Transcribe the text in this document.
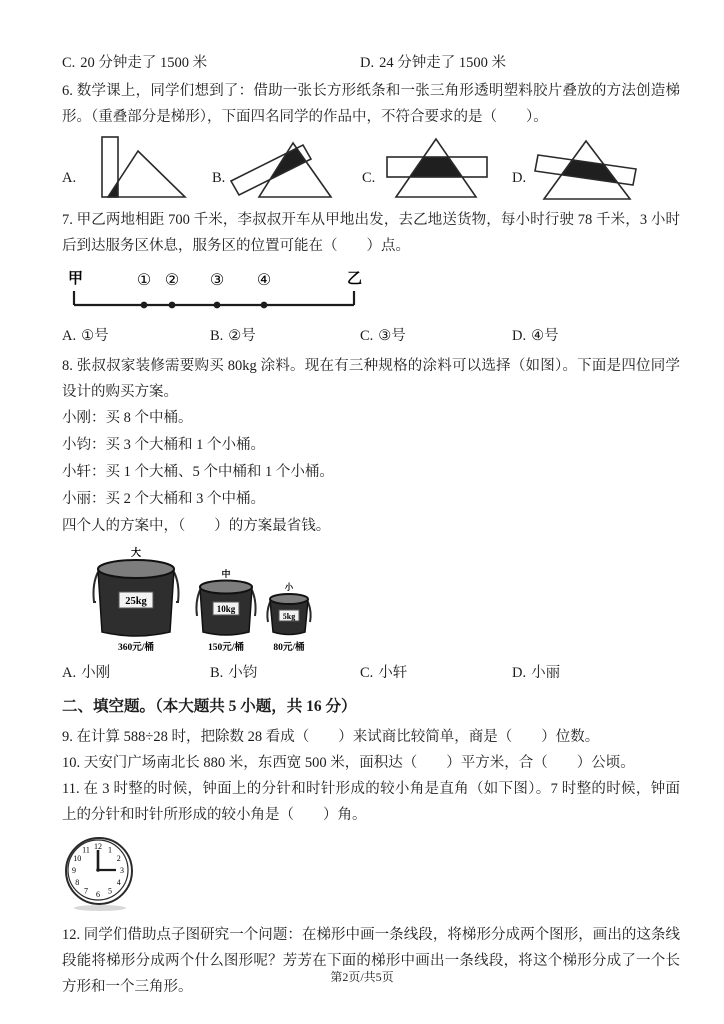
C. 20 分钟走了 1500 米	D. 24 分钟走了 1500 米

6. 数学课上，同学们想到了：借助一张长方形纸条和一张三角形透明塑料胶片叠放的方法创造梯形。（重叠部分是梯形），下面四名同学的作品中，不符合要求的是（　　）。

A.	B.	C.	D.

7. 甲乙两地相距 700 千米，李叔叔开车从甲地出发，去乙地送货物，每小时行驶 78 千米，3 小时后到达服务区休息，服务区的位置可能在（　　）点。

甲	乙
① ② ③ ④
A. ①号	B. ②号	C. ③号	D. ④号

8. 张叔叔家装修需要购买 80kg 涂料。现在有三种规格的涂料可以选择（如图）。下面是四位同学设计的购买方案。

小刚：买 8 个中桶。
小钧：买 3 个大桶和 1 个小桶。
小轩：买 1 个大桶、5 个中桶和 1 个小桶。
小丽：买 2 个大桶和 3 个中桶。
四个人的方案中，（　　）的方案最省钱。
大
25kg
360元/桶
中
10kg
150元/桶
小
5kg
80元/桶
A. 小刚	B. 小钧	C. 小轩	D. 小丽
二、填空题。（本大题共 5 小题，共 16 分）

9. 在计算 588÷28 时，把除数 28 看成（　　）来试商比较简单，商是（　　）位数。

10. 天安门广场南北长 880 米，东西宽 500 米，面积达（　　）平方米，合（　　）公顷。

11. 在 3 时整的时候，钟面上的分针和时针形成的较小角是直角（如下图）。7 时整的时候，钟面上的分针和时针所形成的较小角是（　　）角。

12 1
2
3
4
5
6
7
8
9
10
11

12. 同学们借助点子图研究一个问题：在梯形中画一条线段，将梯形分成两个图形，画出的这条线段能将梯形分成两个什么图形呢？芳芳在下面的梯形中画出一条线段，将这个梯形分成了一个长方形和一个三角形。

第2页/共5页
